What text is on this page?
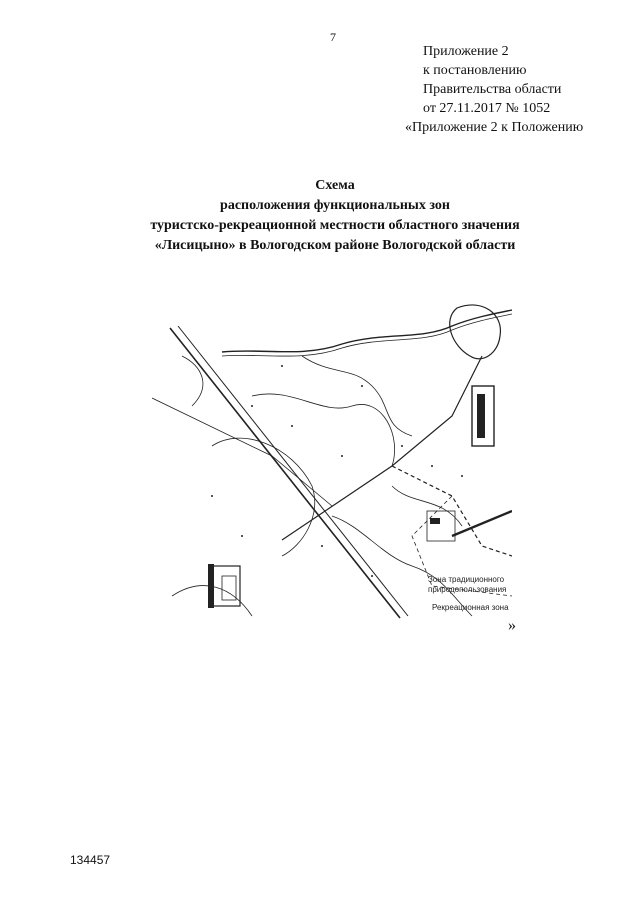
7
Приложение 2
к постановлению
Правительства области
от 27.11.2017 № 1052
«Приложение 2 к Положению
Схема
расположения функциональных зон
туристско-рекреационной местности областного значения
«Лисицыно» в Вологодском районе Вологодской области
Зона традиционного
природопользования
Рекреационная зона
»
134457
